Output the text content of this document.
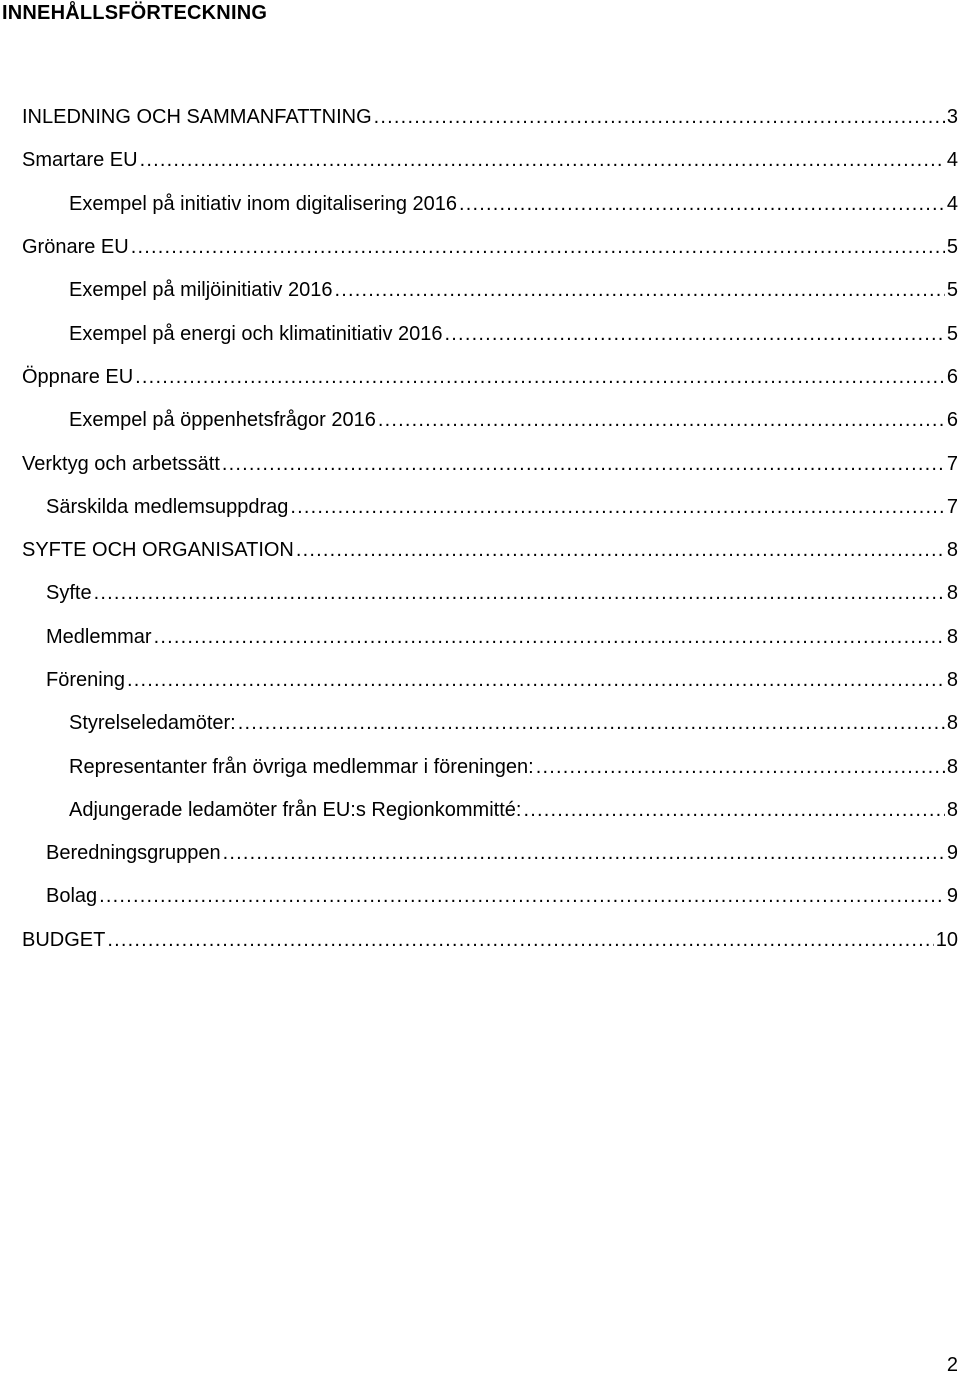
INNEHÅLLSFÖRTECKNING
INLEDNING OCH SAMMANFATTNING .....	3
Smartare EU .....	4
Exempel på initiativ inom digitalisering 2016 .....	4
Grönare EU .....	5
Exempel på miljöinitiativ 2016 .....	5
Exempel på energi och klimatinitiativ 2016 .....	5
Öppnare EU .....	6
Exempel på öppenhetsfrågor 2016 .....	6
Verktyg och arbetssätt .....	7
Särskilda medlemsuppdrag .....	7
SYFTE OCH ORGANISATION .....	8
Syfte .....	8
Medlemmar .....	8
Förening .....	8
Styrelseledamöter: .....	8
Representanter från övriga medlemmar i föreningen: .....	8
Adjungerade ledamöter från EU:s Regionkommitté: .....	8
Beredningsgruppen .....	9
Bolag .....	9
BUDGET .....	10
2
